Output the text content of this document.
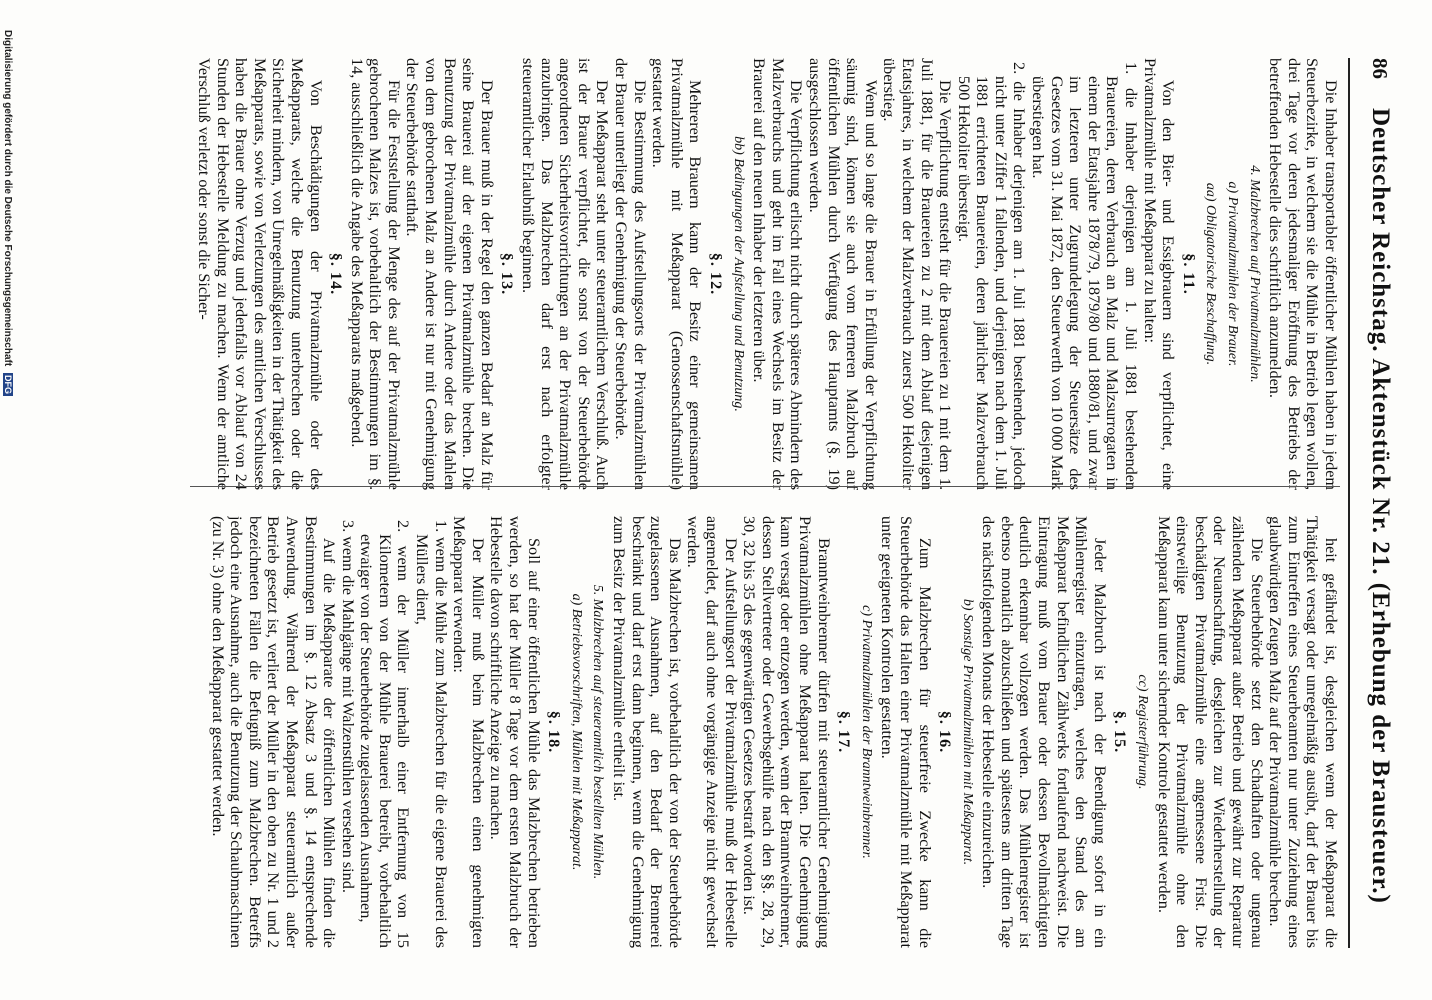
86
Deutscher Reichstag. Aktenstück Nr. 21. (Erhebung der Brausteuer.)

Die Inhaber transportabler öffentlicher Mühlen haben in jedem Steuerbezirke, in welchem sie die Mühle in Betrieb legen wollen, drei Tage vor deren jedesmaliger Eröffnung des Betriebs der betreffenden Hebestelle dies schriftlich anzumelden.

4. Malzbrechen auf Privatmalzmühlen.
a) Privatmalzmühlen der Brauer.
aa) Obligatorische Beschaffung.
§. 11.

Von den Bier- und Essigbrauern sind verpflichtet, eine Privatmalzmühle mit Meßapparat zu halten:

1. die Inhaber derjenigen am 1. Juli 1881 bestehenden Brauereien, deren Verbrauch an Malz und Malzsurrogaten in einem der Etatsjahre 1878/79, 1879/80 und 1880/81, und zwar im letzteren unter Zugrundelegung der Steuersätze des Gesetzes vom 31. Mai 1872, den Steuerwerth von 10 000 Mark überstiegen hat.

2. die Inhaber derjenigen am 1. Juli 1881 bestehenden, jedoch nicht unter Ziffer 1 fallenden, und derjenigen nach dem 1. Juli 1881 errichteten Brauereien, deren jährlicher Malzverbrauch 500 Hektoliter übersteigt.

Die Verpflichtung entsteht für die Brauereien zu 1 mit dem 1. Juli 1881, für die Brauereien zu 2 mit dem Ablauf desjenigen Etatsjahres, in welchem der Malzverbrauch zuerst 500 Hektoliter überstieg.

Wenn und so lange die Brauer in Erfüllung der Verpflichtung säumig sind, können sie auch vom ferneren Malzbruch auf öffentlichen Mühlen durch Verfügung des Hauptamts (§. 19) ausgeschlossen werden.

Die Verpflichtung erlischt nicht durch späteres Abmindern des Malzverbrauchs und geht im Fall eines Wechsels im Besitz der Brauerei auf den neuen Inhaber der letzteren über.

bb) Bedingungen der Aufstellung und Benutzung.
§. 12.

Mehreren Brauern kann der Besitz einer gemeinsamen Privatmalzmühle mit Meßapparat (Genossenschaftsmühle) gestattet werden.

Die Bestimmung des Aufstellungsorts der Privatmalzmühlen der Brauer unterliegt der Genehmigung der Steuerbehörde.

Der Meßapparat steht unter steueramtlichem Verschluß. Auch ist der Brauer verpflichtet, die sonst von der Steuerbehörde angeordneten Sicherheitsvorrichtungen an der Privatmalzmühle anzubringen. Das Malzbrechen darf erst nach erfolgter steueramtlicher Erlaubniß beginnen.

§. 13.

Der Brauer muß in der Regel den ganzen Bedarf an Malz für seine Brauerei auf der eigenen Privatmalzmühle brechen. Die Benutzung der Privatmalzmühle durch Andere oder das Mahlen von dem gebrochenen Malz an Andere ist nur mit Genehmigung der Steuerbehörde statthaft.

Für die Feststellung der Menge des auf der Privatmalzmühle gebrochenen Malzes ist, vorbehaltlich der Bestimmungen im §. 14, ausschließlich die Angabe des Meßapparats maßgebend.

§. 14.

Von Beschädigungen der Privatmalzmühle oder des Meßapparats, welche die Benutzung unterbrechen oder die Sicherheit mindern, von Unregelmäßigkeiten in der Thätigkeit des Meßapparats, sowie von Verletzungen des amtlichen Verschlusses haben die Brauer ohne Verzug und jedenfalls vor Ablauf von 24 Stunden der Hebestelle Meldung zu machen. Wenn der amtliche Verschluß verletzt oder sonst die Sicher-

heit gefährdet ist, desgleichen wenn der Meßapparat die Thätigkeit versagt oder unregelmäßig ausübt, darf der Brauer bis zum Eintreffen eines Steuerbeamten nur unter Zuziehung eines glaubwürdigen Zeugen Malz auf der Privatmalzmühle brechen.

Die Steuerbehörde setzt den Schadhaften oder ungenau zählenden Meßapparat außer Betrieb und gewährt zur Reparatur oder Neuanschaffung, desgleichen zur Wiederherstellung der beschädigten Privatmalzmühle eine angemessene Frist. Die einstweilige Benutzung der Privatmalzmühle ohne den Meßapparat kann unter sichernder Kontrole gestattet werden.

cc) Registerführung.
§. 15.

Jeder Malzbruch ist nach der Beendigung sofort in ein Mühlenregister einzutragen, welches den Stand des am Meßapparat befindlichen Zählwerks fortlaufend nachweist. Die Eintragung muß vom Brauer oder dessen Bevollmächtigten deutlich erkennbar vollzogen werden. Das Mühlenregister ist ebenso monatlich abzuschließen und spätestens am dritten Tage des nächstfolgenden Monats der Hebestelle einzureichen.

b) Sonstige Privatmalzmühlen mit Meßapparat.
§. 16.

Zum Malzbrechen für steuerfreie Zwecke kann die Steuerbehörde das Halten einer Privatmalzmühle mit Meßapparat unter geeigneten Kontrolen gestatten.

c) Privatmalzmühlen der Branntweinbrenner.
§. 17.

Branntweinbrenner dürfen mit steueramtlicher Genehmigung Privatmalzmühlen ohne Meßapparat halten. Die Genehmigung kann versagt oder entzogen werden, wenn der Branntweinbrenner, dessen Stellvertreter oder Gewerbsgehülfe nach den §§. 28, 29, 30, 32 bis 35 des gegenwärtigen Gesetzes bestraft worden ist.

Der Aufstellungsort der Privatmalzmühle muß der Hebestelle angemeldet, darf auch ohne vorgängige Anzeige nicht gewechselt werden.

Das Malzbrechen ist, vorbehaltlich der von der Steuerbehörde zugelassenen Ausnahmen, auf den Bedarf der Brennerei beschränkt und darf erst dann beginnen, wenn die Genehmigung zum Besitz der Privatmalzmühle ertheilt ist.

5. Malzbrechen auf steueramtlich bestellten Mühlen.
a) Betriebsvorschriften, Mühlen mit Meßapparat.
§. 18.

Soll auf einer öffentlichen Mühle das Malzbrechen betrieben werden, so hat der Müller 8 Tage vor dem ersten Malzbruch der Hebestelle davon schriftliche Anzeige zu machen.

Der Müller muß beim Malzbrechen einen genehmigten Meßapparat verwenden:

1. wenn die Mühle zum Malzbrechen für die eigene Brauerei des Müllers dient,

2. wenn der Müller innerhalb einer Entfernung von 15 Kilometern von der Mühle Brauerei betreibt, vorbehaltlich etwaiger von der Steuerbehörde zugelassenden Ausnahmen,

3. wenn die Mahlgänge mit Walzenstühlen versehen sind.

Auf die Meßapparate der öffentlichen Mühlen finden die Bestimmungen im §. 12 Absatz 3 und §. 14 entsprechende Anwendung. Während der Meßapparat steueramtlich außer Betrieb gesetzt ist, verliert der Müller in den oben zu Nr. 1 und 2 bezeichneten Fällen die Befugniß zum Malzbrechen. Betreffs jedoch eine Ausnahme, auch die Benutzung der Schaubmaschinen (zu Nr. 3) ohne den Meßapparat gestattet werden.

Digitalisierung gefördert durch die Deutsche Forschungsgemeinschaft DFG
